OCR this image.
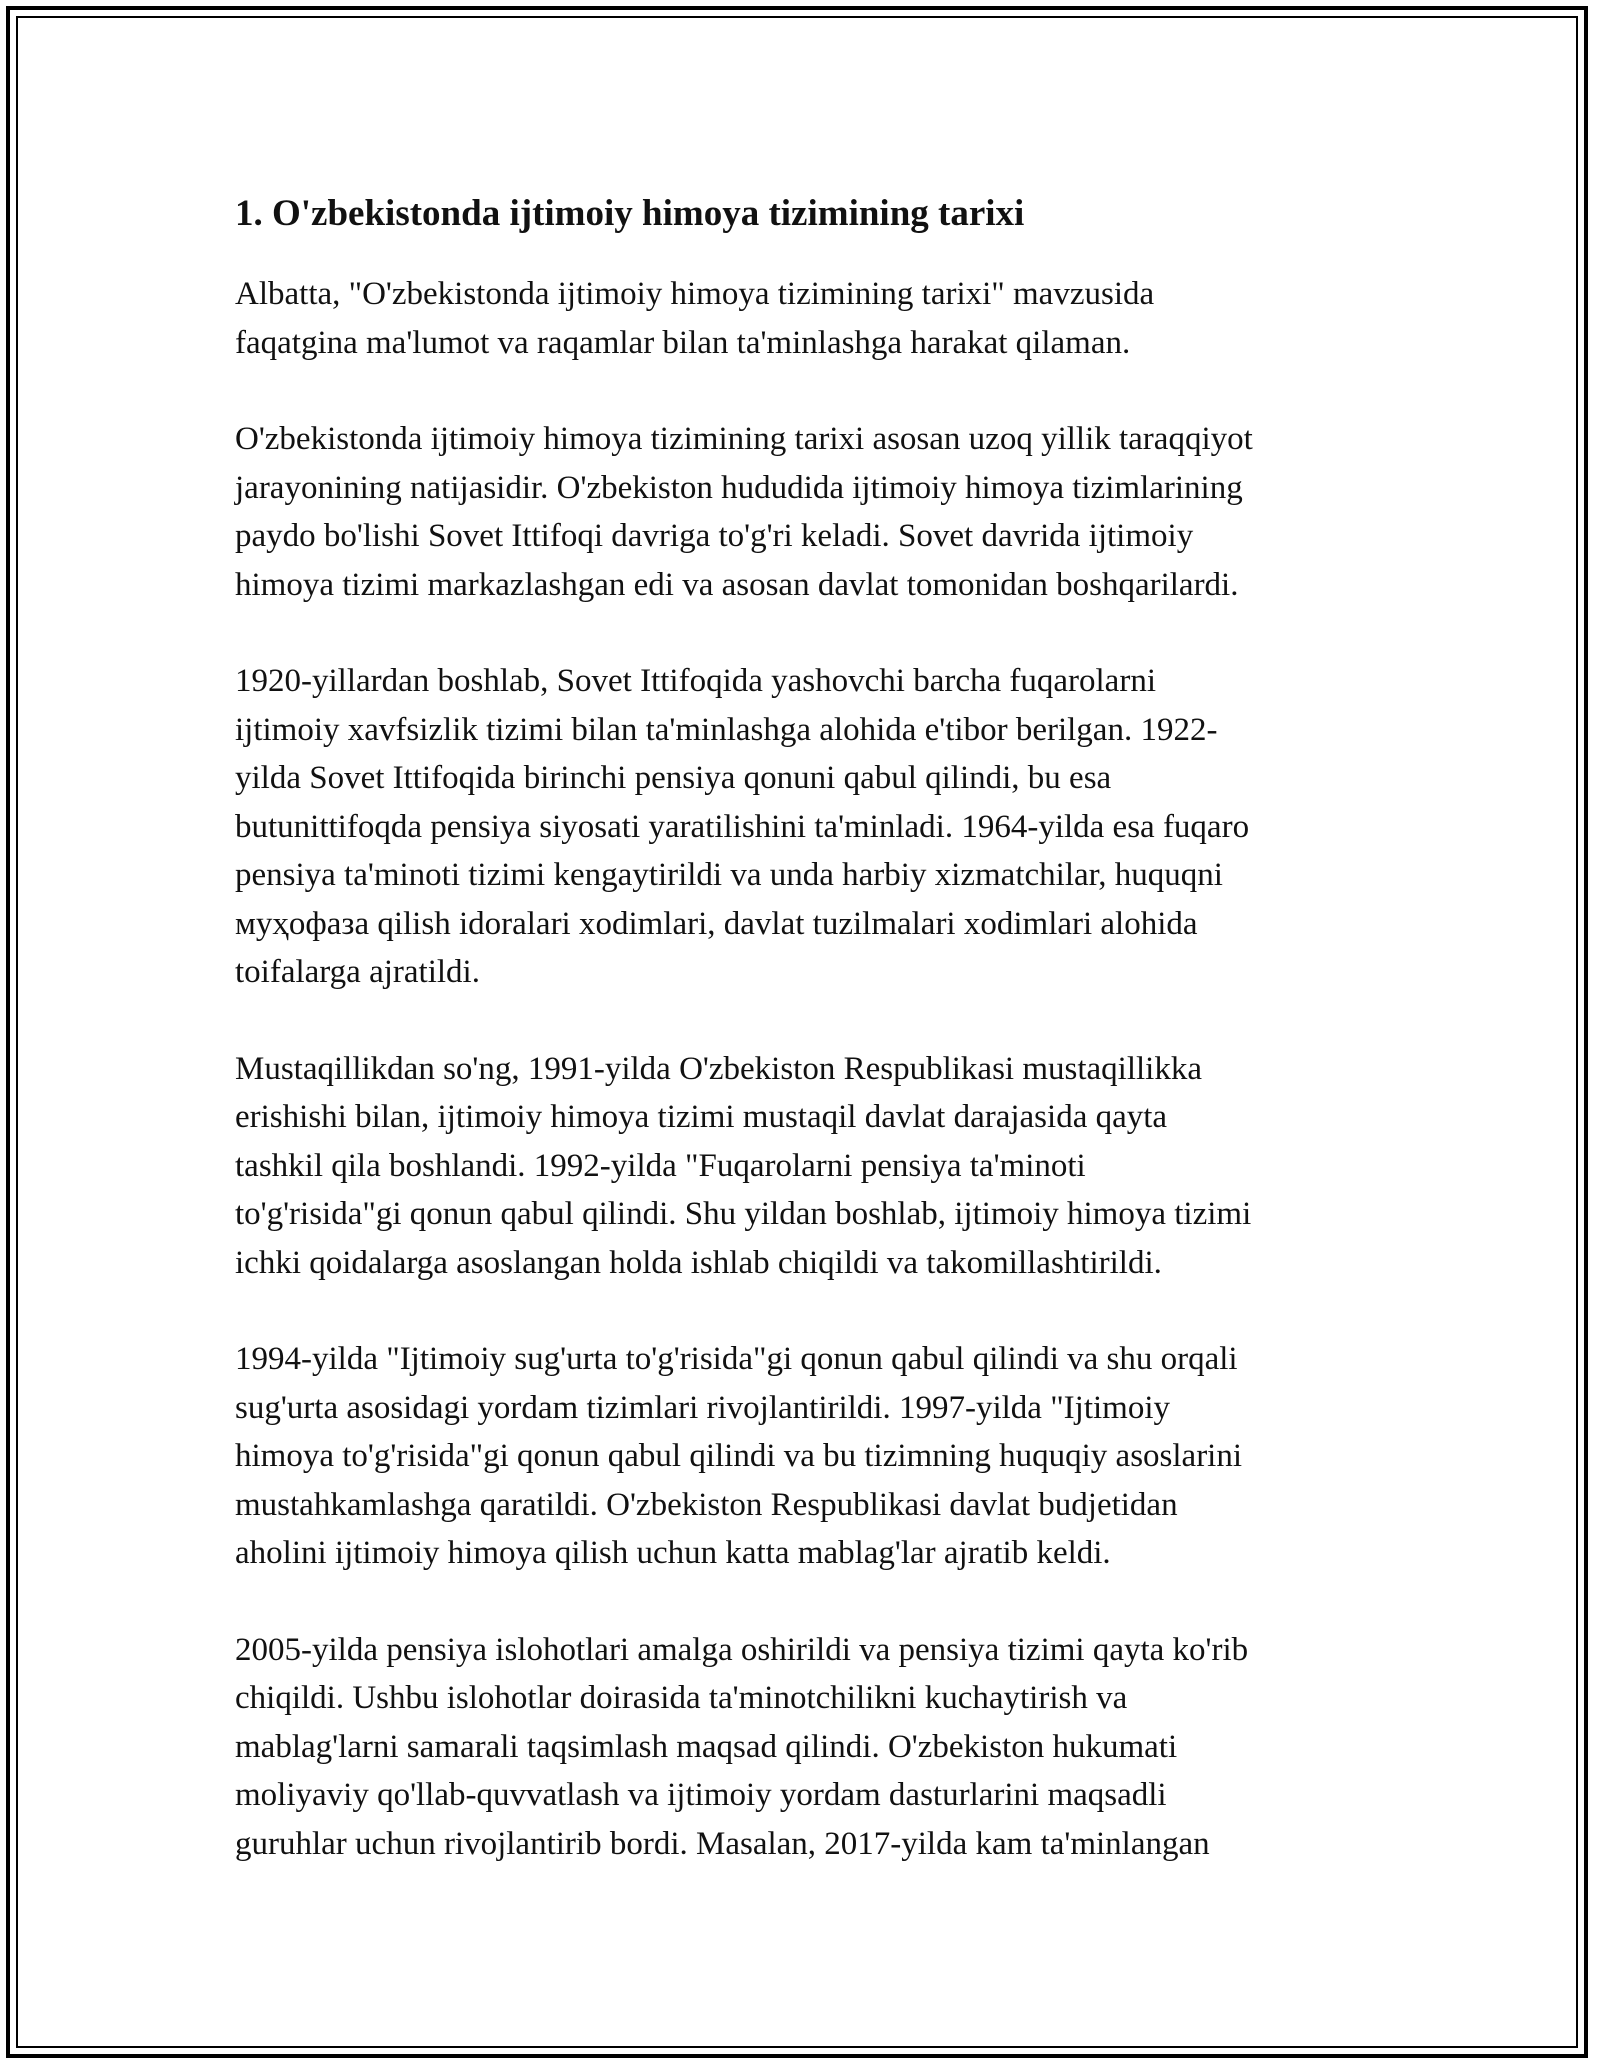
1. O'zbekistonda ijtimoiy himoya tizimining tarixi

Albatta, "O'zbekistonda ijtimoiy himoya tizimining tarixi" mavzusida
faqatgina ma'lumot va raqamlar bilan ta'minlashga harakat qilaman.

O'zbekistonda ijtimoiy himoya tizimining tarixi asosan uzoq yillik taraqqiyot
jarayonining natijasidir. O'zbekiston hududida ijtimoiy himoya tizimlarining
paydo bo'lishi Sovet Ittifoqi davriga to'g'ri keladi. Sovet davrida ijtimoiy
himoya tizimi markazlashgan edi va asosan davlat tomonidan boshqarilardi.

1920-yillardan boshlab, Sovet Ittifoqida yashovchi barcha fuqarolarni
ijtimoiy xavfsizlik tizimi bilan ta'minlashga alohida e'tibor berilgan. 1922-
yilda Sovet Ittifoqida birinchi pensiya qonuni qabul qilindi, bu esa
butunittifoqda pensiya siyosati yaratilishini ta'minladi. 1964-yilda esa fuqaro
pensiya ta'minoti tizimi kengaytirildi va unda harbiy xizmatchilar, huquqni
муҳофаза qilish idoralari xodimlari, davlat tuzilmalari xodimlari alohida
toifalarga ajratildi.

Mustaqillikdan so'ng, 1991-yilda O'zbekiston Respublikasi mustaqillikka
erishishi bilan, ijtimoiy himoya tizimi mustaqil davlat darajasida qayta
tashkil qila boshlandi. 1992-yilda "Fuqarolarni pensiya ta'minoti
to'g'risida"gi qonun qabul qilindi. Shu yildan boshlab, ijtimoiy himoya tizimi
ichki qoidalarga asoslangan holda ishlab chiqildi va takomillashtirildi.

1994-yilda "Ijtimoiy sug'urta to'g'risida"gi qonun qabul qilindi va shu orqali
sug'urta asosidagi yordam tizimlari rivojlantirildi. 1997-yilda "Ijtimoiy
himoya to'g'risida"gi qonun qabul qilindi va bu tizimning huquqiy asoslarini
mustahkamlashga qaratildi. O'zbekiston Respublikasi davlat budjetidan
aholini ijtimoiy himoya qilish uchun katta mablag'lar ajratib keldi.

2005-yilda pensiya islohotlari amalga oshirildi va pensiya tizimi qayta ko'rib
chiqildi. Ushbu islohotlar doirasida ta'minotchilikni kuchaytirish va
mablag'larni samarali taqsimlash maqsad qilindi. O'zbekiston hukumati
moliyaviy qo'llab-quvvatlash va ijtimoiy yordam dasturlarini maqsadli
guruhlar uchun rivojlantirib bordi. Masalan, 2017-yilda kam ta'minlangan
